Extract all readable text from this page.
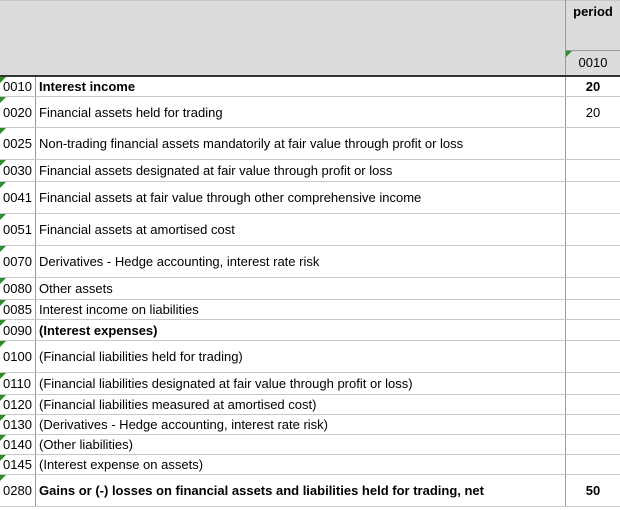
period
0010
0010 Interest income	20
0020 Financial assets held for trading	20
0025 Non-trading financial assets mandatorily at fair value through profit or loss
0030 Financial assets designated at fair value through profit or loss
0041 Financial assets at fair value through other comprehensive income
0051 Financial assets at amortised cost
0070 Derivatives - Hedge accounting, interest rate risk
0080 Other assets
0085 Interest income on liabilities
0090 (Interest expenses)
0100 (Financial liabilities held for trading)
0110 (Financial liabilities designated at fair value through profit or loss)
0120 (Financial liabilities measured at amortised cost)
0130 (Derivatives - Hedge accounting, interest rate risk)
0140 (Other liabilities)
0145 (Interest expense on assets)
0280 Gains or (-) losses on financial assets and liabilities held for trading, net	50
